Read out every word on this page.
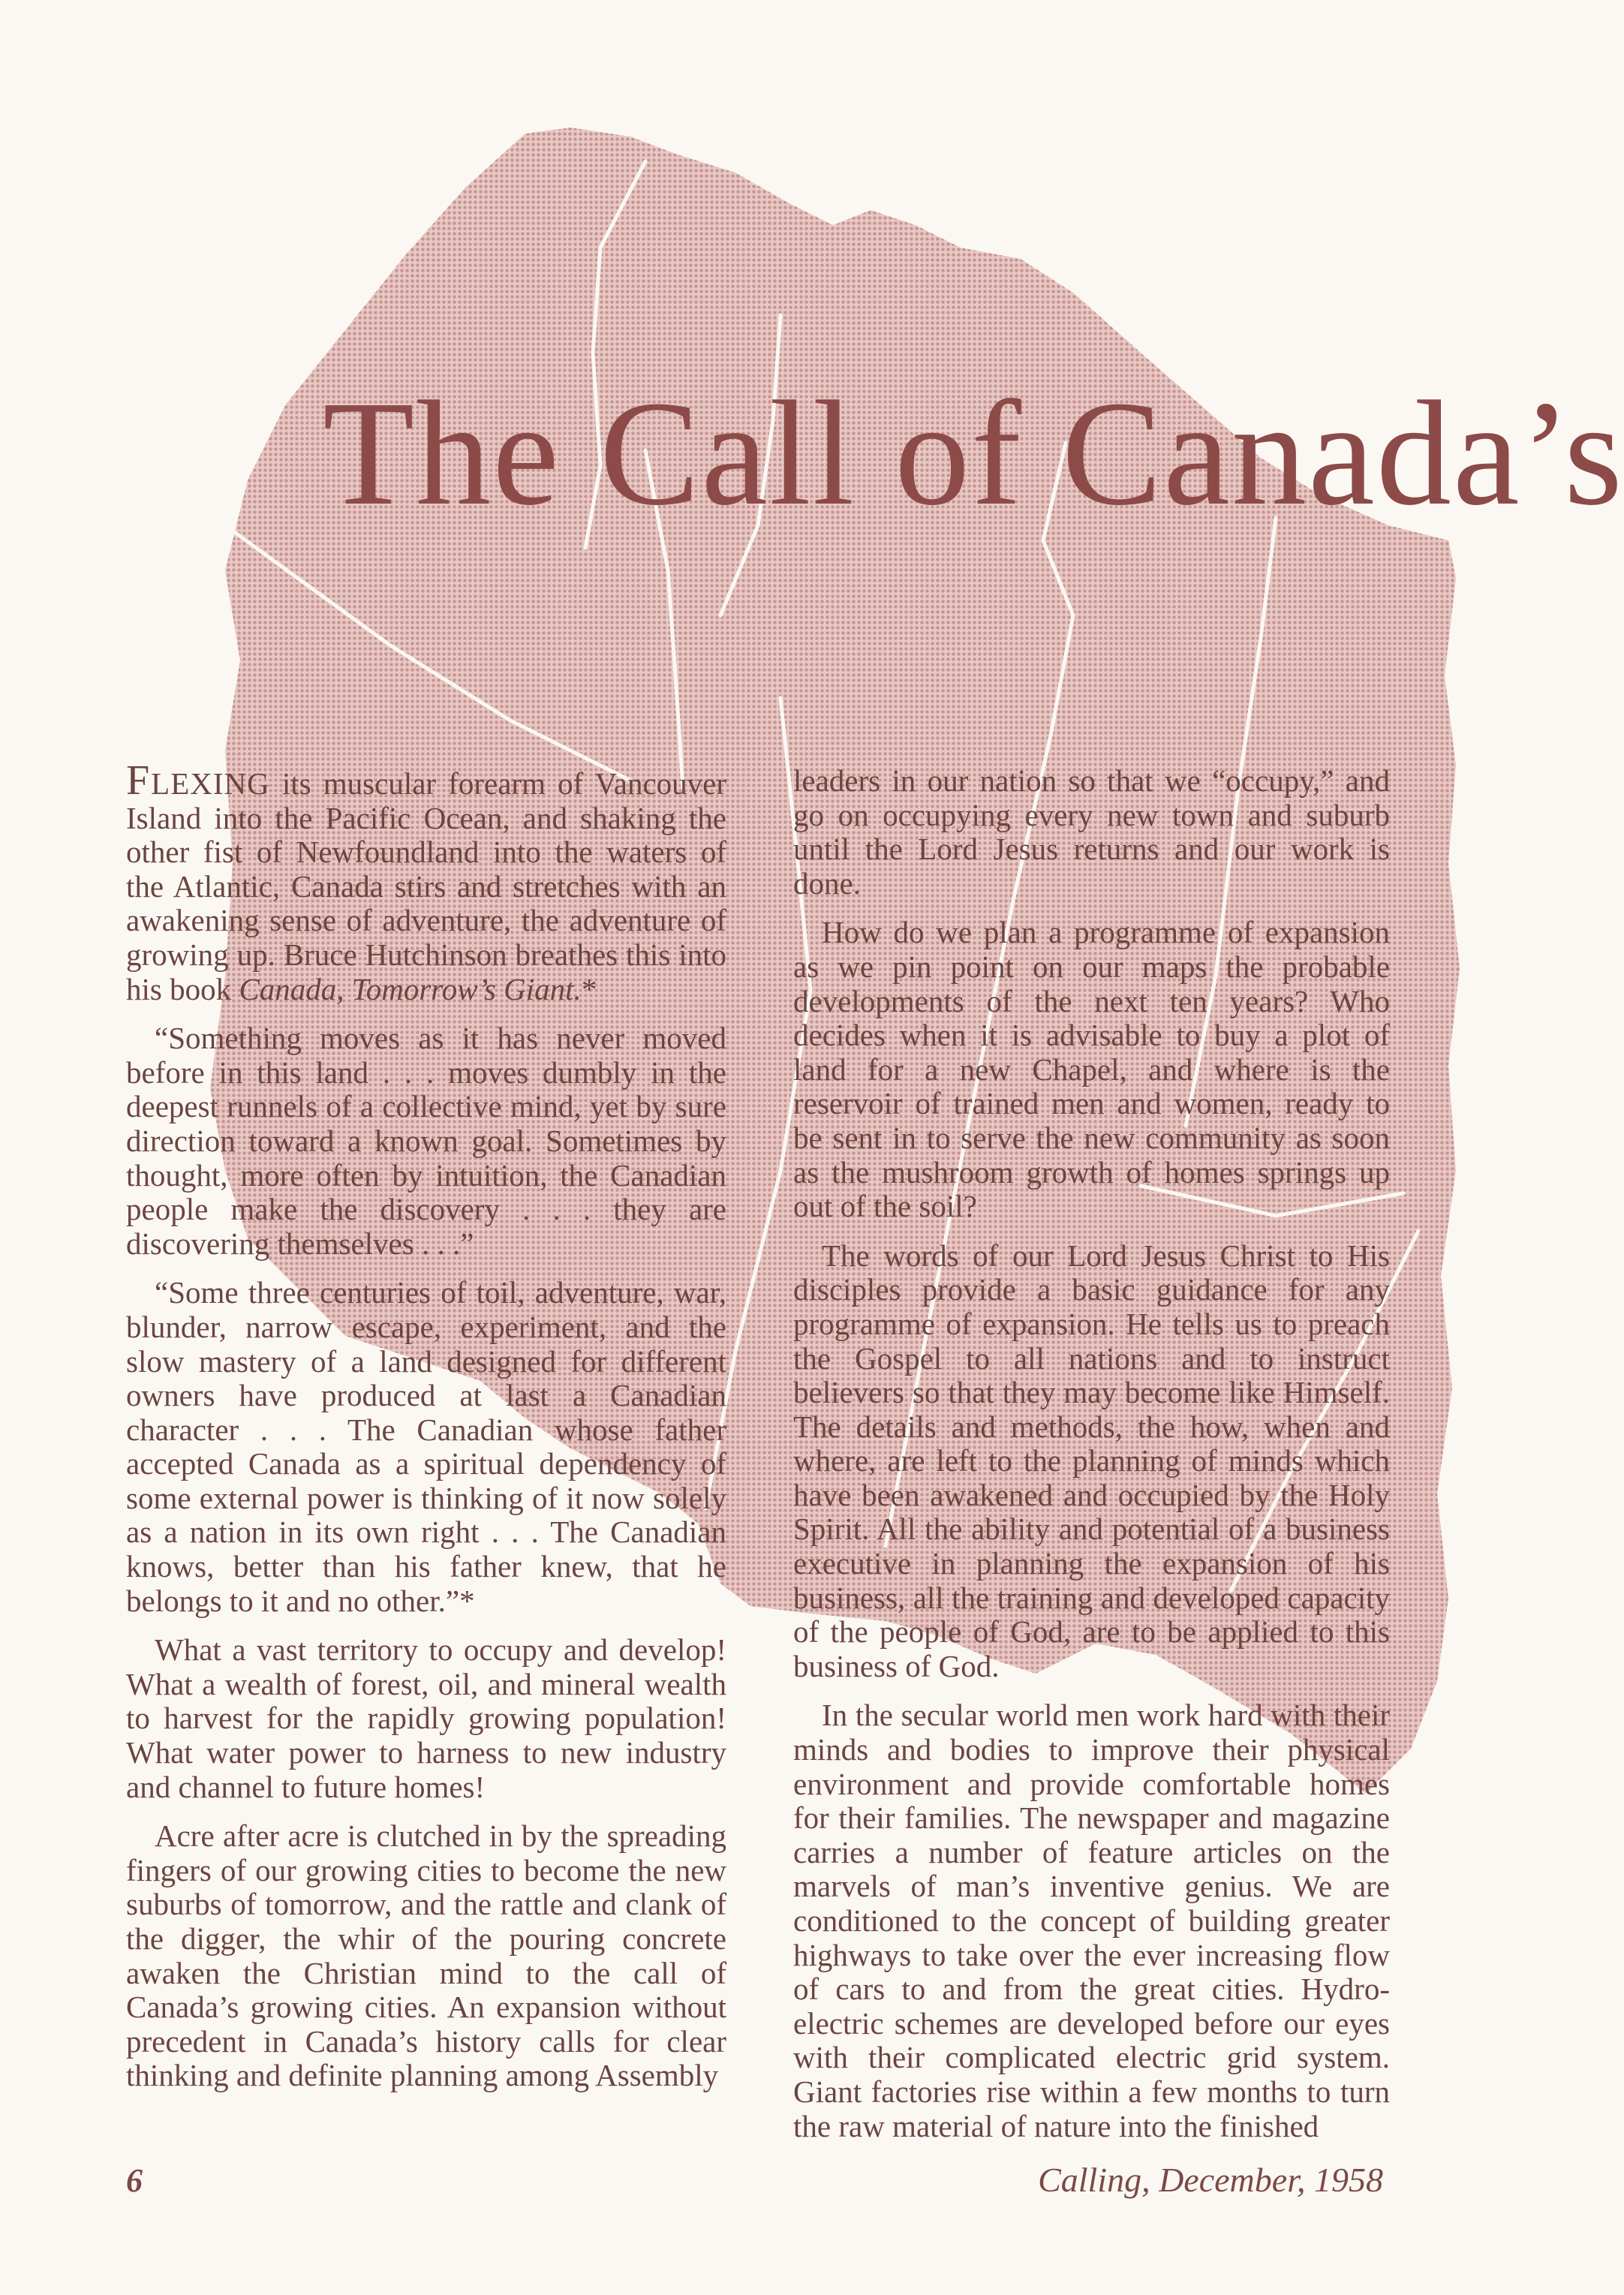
The Call of Canada’s

FLEXING its muscular forearm of Vancouver Island into the Pacific Ocean, and shaking the other fist of Newfoundland into the waters of the Atlantic, Canada stirs and stretches with an awakening sense of adventure, the adventure of growing up. Bruce Hutchinson breathes this into his book Canada, Tomorrow’s Giant.*

“Something moves as it has never moved before in this land . . . moves dumbly in the deepest runnels of a collective mind, yet by sure direction toward a known goal. Sometimes by thought, more often by intuition, the Canadian people make the discovery . . . they are discovering themselves . . .”

“Some three centuries of toil, adventure, war, blunder, narrow escape, experiment, and the slow mastery of a land designed for different owners have produced at last a Canadian character . . . The Canadian whose father accepted Canada as a spiritual dependency of some external power is thinking of it now solely as a nation in its own right . . . The Canadian knows, better than his father knew, that he belongs to it and no other.”*

What a vast territory to occupy and develop! What a wealth of forest, oil, and mineral wealth to harvest for the rapidly growing population! What water power to harness to new industry and channel to future homes!

Acre after acre is clutched in by the spreading fingers of our growing cities to become the new suburbs of tomorrow, and the rattle and clank of the digger, the whir of the pouring concrete awaken the Christian mind to the call of Canada’s growing cities. An expansion without precedent in Canada’s history calls for clear thinking and definite planning among Assembly

leaders in our nation so that we “occupy,” and go on occupying every new town and suburb until the Lord Jesus returns and our work is done.

How do we plan a programme of expansion as we pin point on our maps the probable developments of the next ten years? Who decides when it is advisable to buy a plot of land for a new Chapel, and where is the reservoir of trained men and women, ready to be sent in to serve the new community as soon as the mushroom growth of homes springs up out of the soil?

The words of our Lord Jesus Christ to His disciples provide a basic guidance for any programme of expansion. He tells us to preach the Gospel to all nations and to instruct believers so that they may become like Himself. The details and methods, the how, when and where, are left to the planning of minds which have been awakened and occupied by the Holy Spirit. All the ability and potential of a business executive in planning the expansion of his business, all the training and developed capacity of the people of God, are to be applied to this business of God.

In the secular world men work hard with their minds and bodies to improve their physical environment and provide comfortable homes for their families. The newspaper and magazine carries a number of feature articles on the marvels of man’s inventive genius. We are conditioned to the concept of building greater highways to take over the ever increasing flow of cars to and from the great cities. Hydro-electric schemes are developed before our eyes with their complicated electric grid system. Giant factories rise within a few months to turn the raw material of nature into the finished

6	Calling, December, 1958
